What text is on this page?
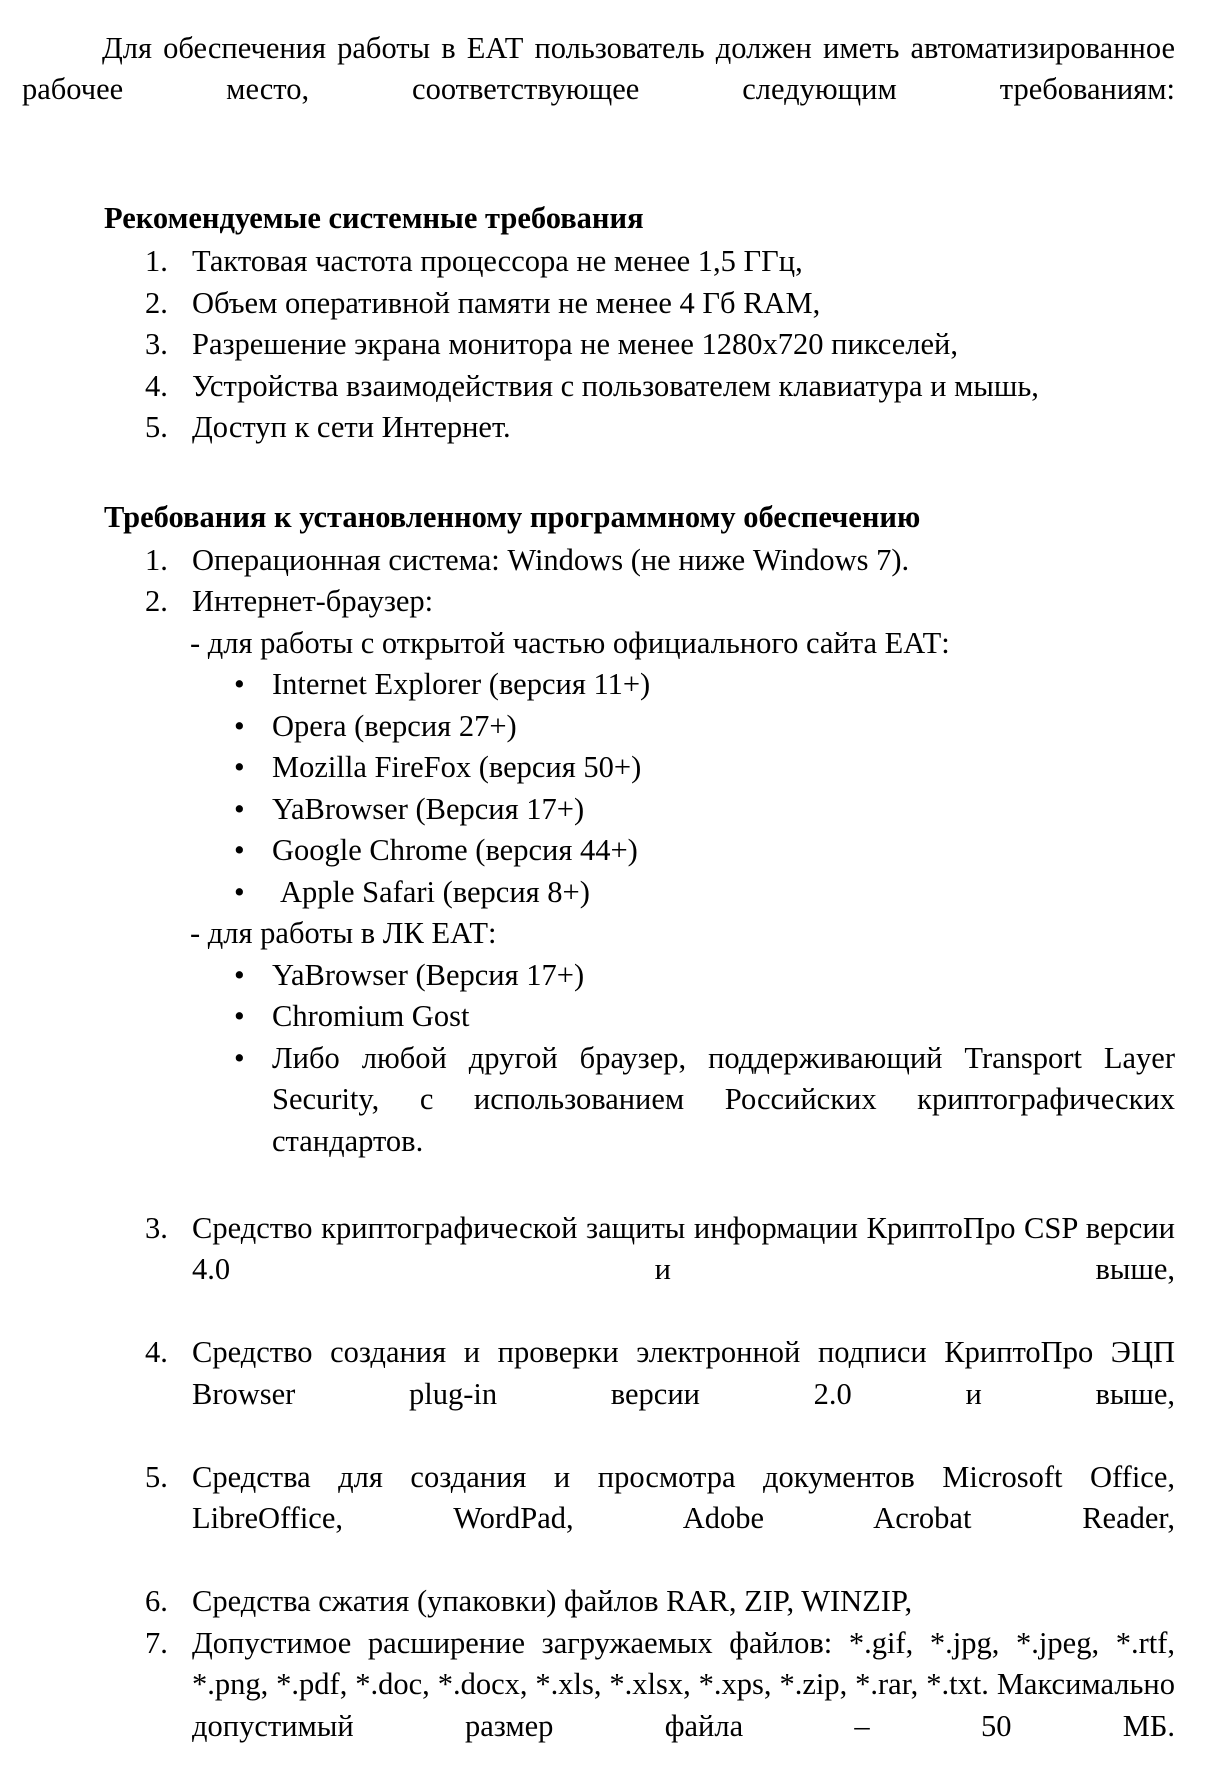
Для обеспечения работы в ЕАТ пользователь должен иметь автоматизированное рабочее место, соответствующее следующим требованиям:

Рекомендуемые системные требования
1. Тактовая частота процессора не менее 1,5 ГГц,
2. Объем оперативной памяти не менее 4 Гб RAM,
3. Разрешение экрана монитора не менее 1280х720 пикселей,
4. Устройства взаимодействия с пользователем клавиатура и мышь,
5. Доступ к сети Интернет.
Требования к установленному программному обеспечению
1. Операционная система: Windows (не ниже Windows 7).
2. Интернет-браузер:
- для работы с открытой частью официального сайта ЕАТ:
• Internet Explorer (версия 11+)
• Opera (версия 27+)
• Mozilla FireFox (версия 50+)
• YaBrowser (Версия 17+)
• Google Chrome (версия 44+)
• Apple Safari (версия 8+)
- для работы в ЛК ЕАТ:
• YaBrowser (Версия 17+)
• Chromium Gost
• Либо любой другой браузер, поддерживающий Transport Layer Security, с использованием Российских криптографических стандартов.
3. Средство криптографической защиты информации КриптоПро CSP версии 4.0 и выше,
4. Средство создания и проверки электронной подписи КриптоПро ЭЦП Browser plug-in версии 2.0 и выше,
5. Средства для создания и просмотра документов Microsoft Office, LibreOffice, WordPad, Adobe Acrobat Reader,
6. Средства сжатия (упаковки) файлов RAR, ZIP, WINZIP,
7. Допустимое расширение загружаемых файлов: *.gif, *.jpg, *.jpeg, *.rtf, *.png, *.pdf, *.doc, *.docx, *.xls, *.xlsx, *.xps, *.zip, *.rar, *.txt. Максимально допустимый размер файла – 50 МБ.
